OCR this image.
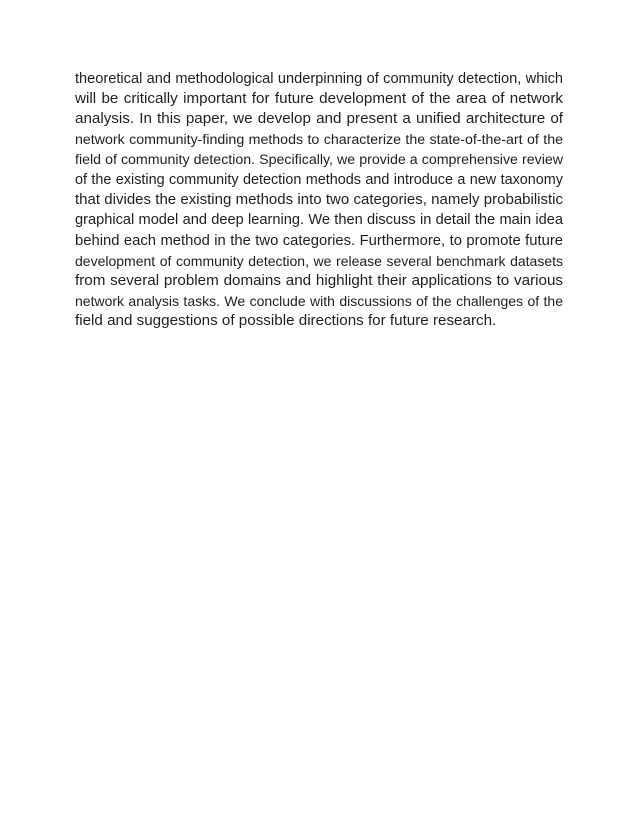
theoretical and methodological underpinning of community detection, which
will be critically important for future development of the area of network
analysis. In this paper, we develop and present a unified architecture of
network community-finding methods to characterize the state-of-the-art of the
field of community detection. Specifically, we provide a comprehensive review
of the existing community detection methods and introduce a new taxonomy
that divides the existing methods into two categories, namely probabilistic
graphical model and deep learning. We then discuss in detail the main idea
behind each method in the two categories. Furthermore, to promote future
development of community detection, we release several benchmark datasets
from several problem domains and highlight their applications to various
network analysis tasks. We conclude with discussions of the challenges of the
field and suggestions of possible directions for future research.
